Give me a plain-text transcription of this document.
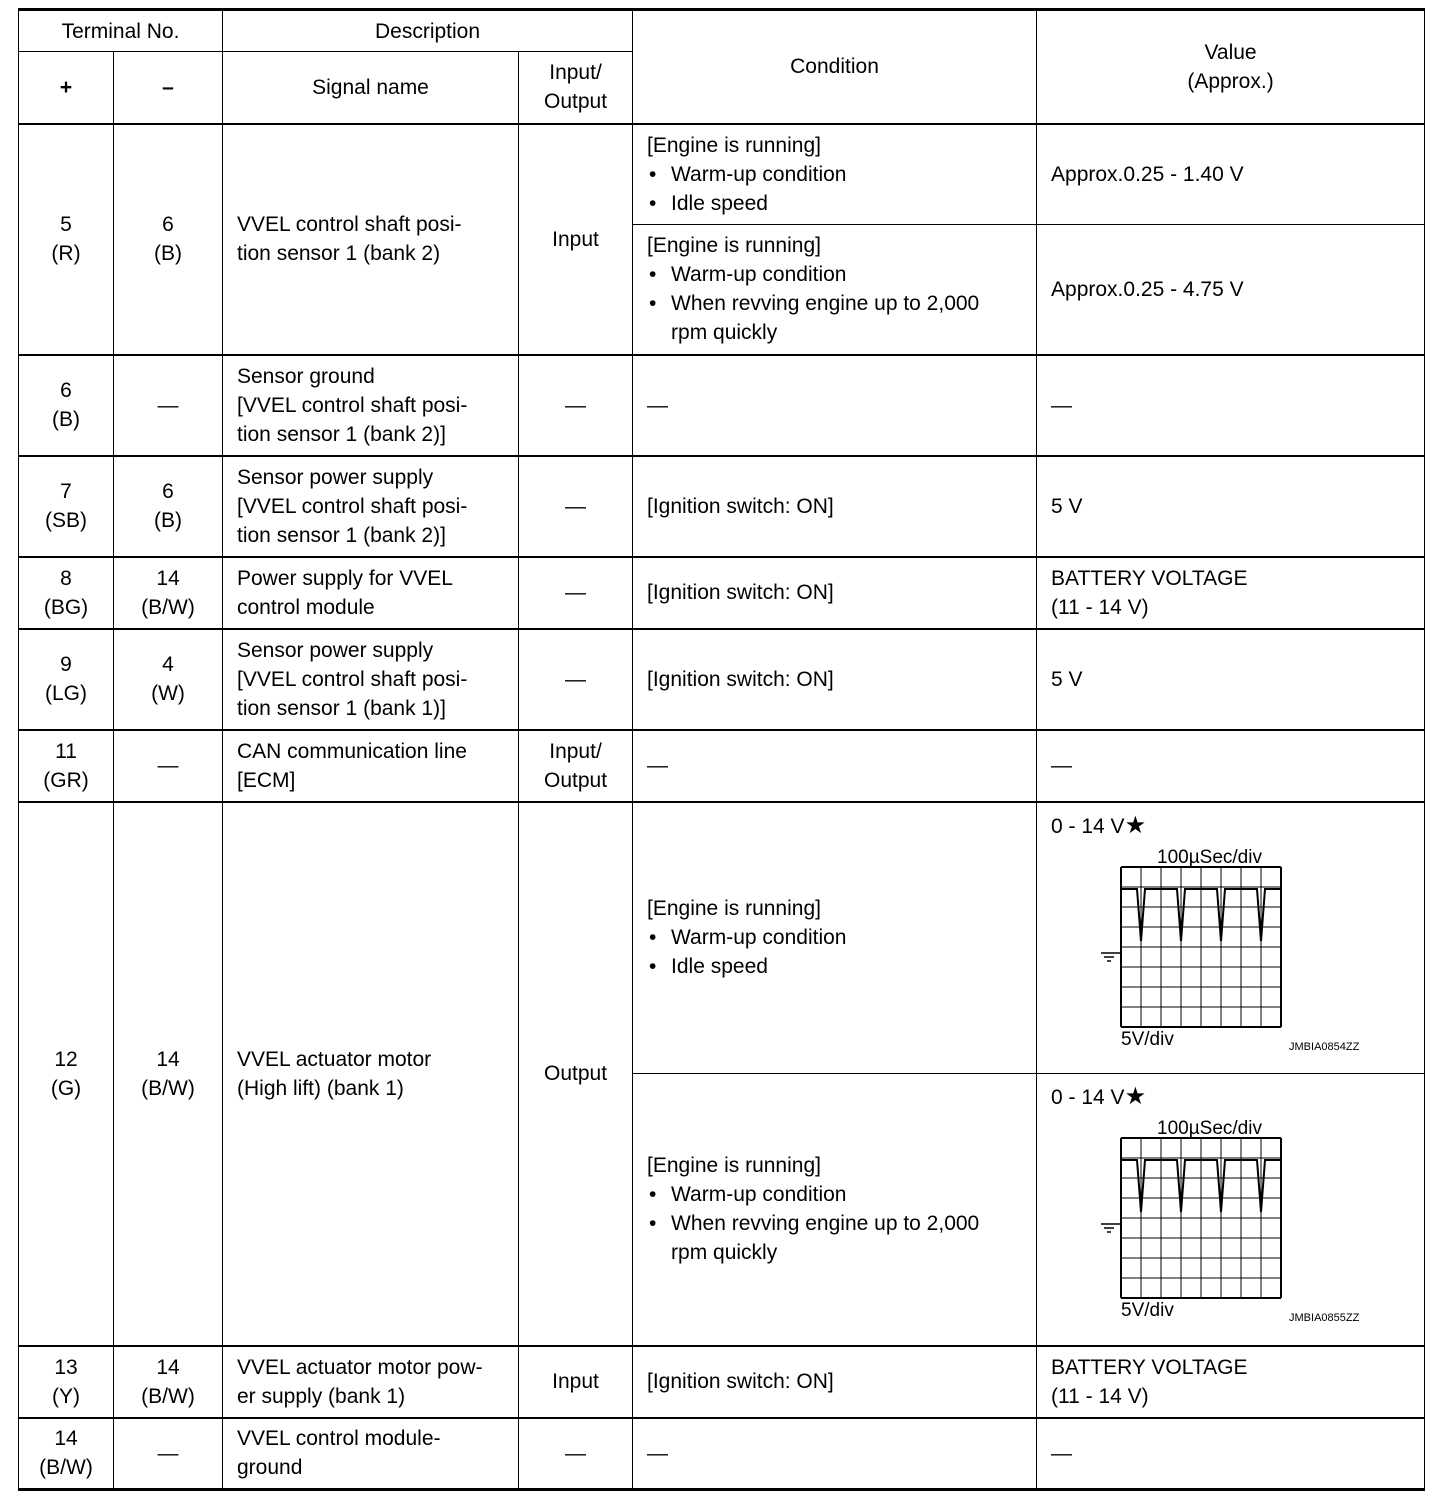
Terminal No.		Description		Condition	Value
(Approx.)

+	–	Signal name	Input/
Output		

5
(R)	6
(B)	VVEL control shaft posi-
tion sensor 1 (bank 2)	Input	[Engine is running]
• Warm-up condition
• Idle speed	Approx.0.25 - 1.40 V

				[Engine is running]
• Warm-up condition
• When revving engine up to 2,000
rpm quickly	Approx.0.25 - 4.75 V

6
(B)	—	Sensor ground
[VVEL control shaft posi-
tion sensor 1 (bank 2)]	—	—	—

7
(SB)	6
(B)	Sensor power supply
[VVEL control shaft posi-
tion sensor 1 (bank 2)]	—	[Ignition switch: ON]	5 V

8
(BG)	14
(B/W)	Power supply for VVEL
control module	—	[Ignition switch: ON]	BATTERY VOLTAGE
(11 - 14 V)

9
(LG)	4
(W)	Sensor power supply
[VVEL control shaft posi-
tion sensor 1 (bank 1)]	—	[Ignition switch: ON]	5 V

11
(GR)	—	CAN communication line
[ECM]	Input/
Output	—	—

12
(G)	14
(B/W)	VVEL actuator motor
(High lift) (bank 1)	Output	[Engine is running]
• Warm-up condition
• Idle speed	0 - 14 V★
100µSec/div
5V/div JMBIA0854ZZ

				[Engine is running]
• Warm-up condition
• When revving engine up to 2,000
rpm quickly	0 - 14 V★
100µSec/div
5V/div JMBIA0855ZZ

13
(Y)	14
(B/W)	VVEL actuator motor pow-
er supply (bank 1)	Input	[Ignition switch: ON]	BATTERY VOLTAGE
(11 - 14 V)

14
(B/W)	—	VVEL control module-
ground	—	—	—
